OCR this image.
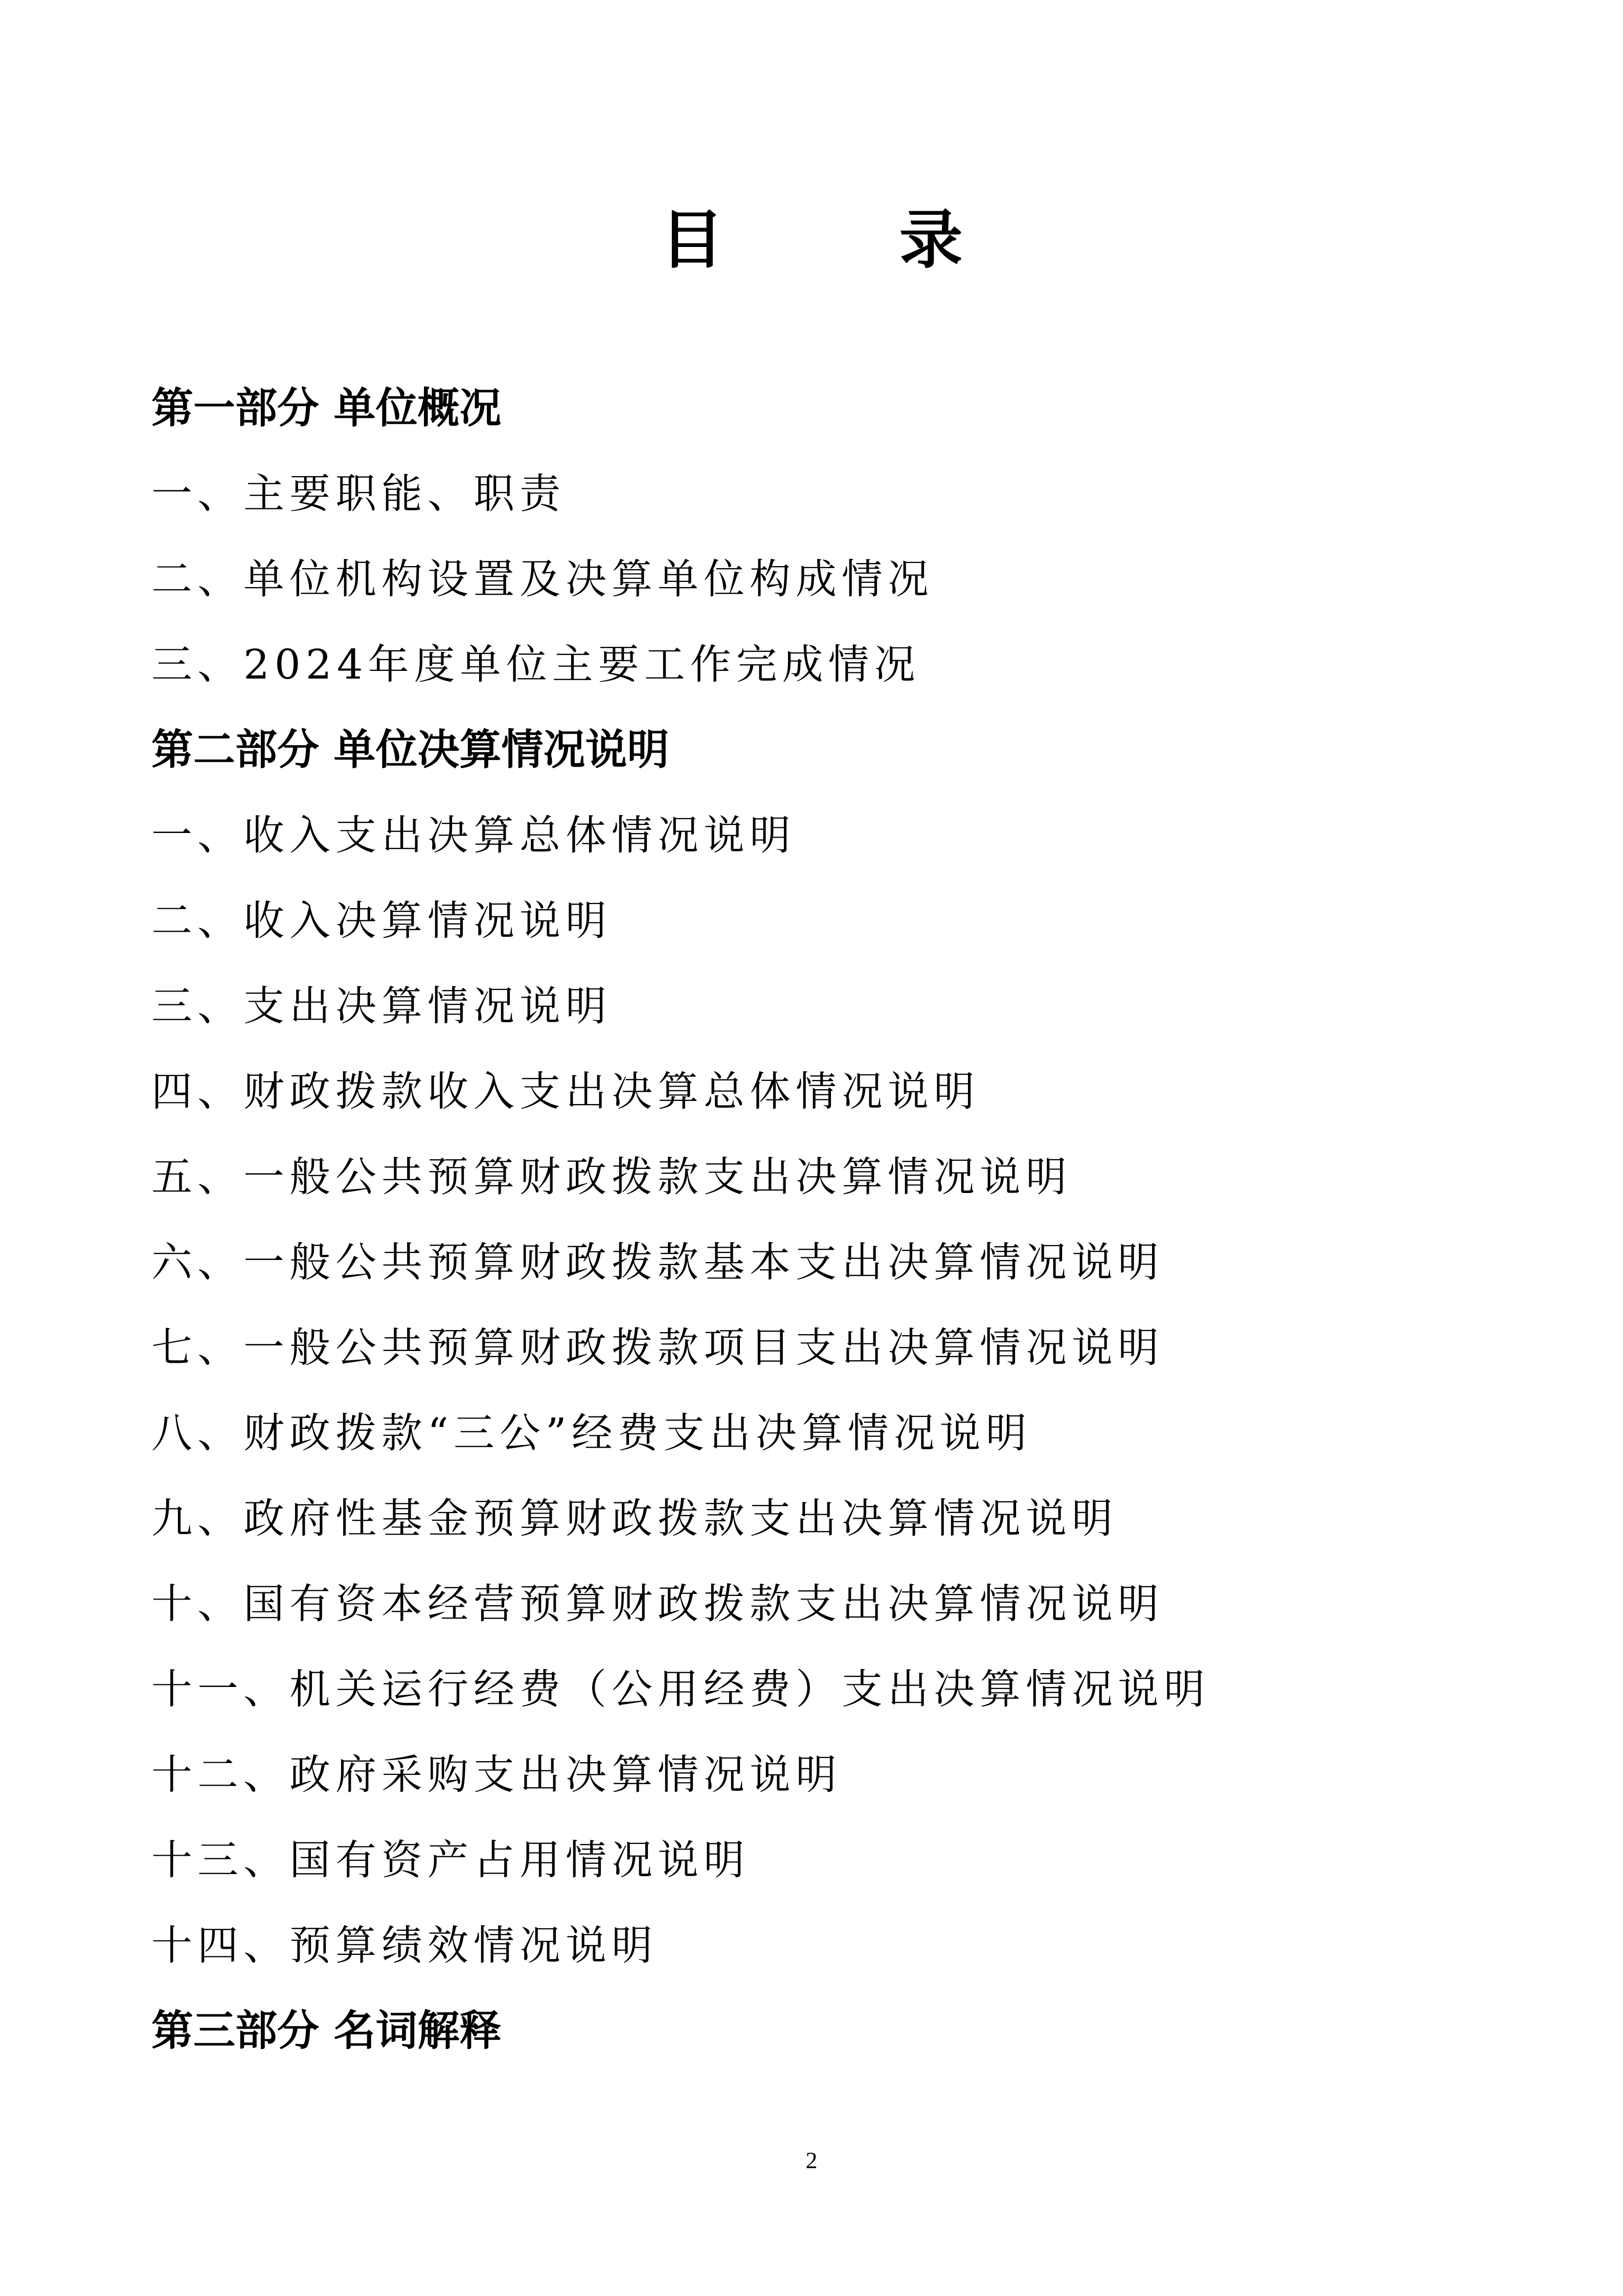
目 录
第一部分 单位概况
一、主要职能、职责
二、单位机构设置及决算单位构成情况
三、2024年度单位主要工作完成情况
第二部分 单位决算情况说明
一、收入支出决算总体情况说明
二、收入决算情况说明
三、支出决算情况说明
四、财政拨款收入支出决算总体情况说明
五、一般公共预算财政拨款支出决算情况说明
六、一般公共预算财政拨款基本支出决算情况说明
七、一般公共预算财政拨款项目支出决算情况说明
八、财政拨款“三公”经费支出决算情况说明
九、政府性基金预算财政拨款支出决算情况说明
十、国有资本经营预算财政拨款支出决算情况说明
十一、机关运行经费（公用经费）支出决算情况说明
十二、政府采购支出决算情况说明
十三、国有资产占用情况说明
十四、预算绩效情况说明
第三部分 名词解释
2
